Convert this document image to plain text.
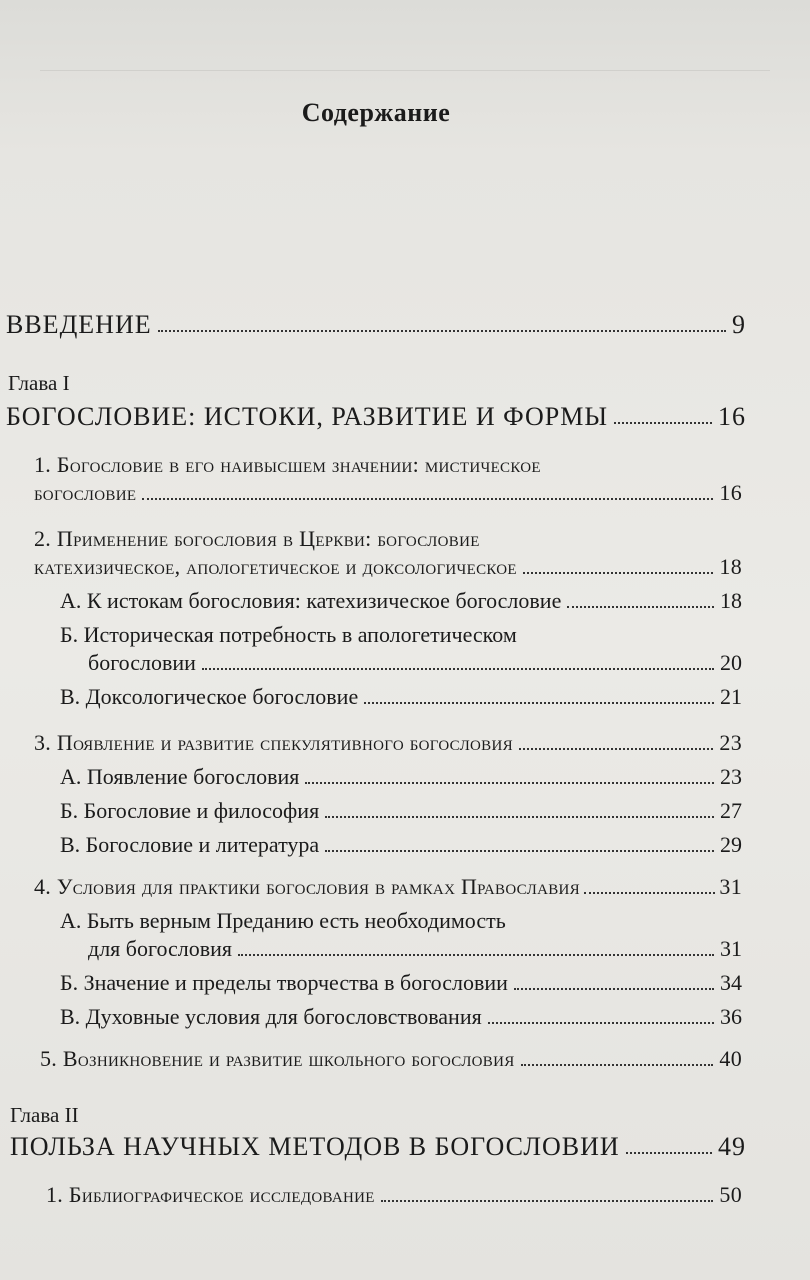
Содержание
ВВЕДЕНИЕ	9
Глава I
БОГОСЛОВИЕ: ИСТОКИ, РАЗВИТИЕ И ФОРМЫ	16
1. Богословие в его наивысшем значении: мистическое
богословие	16
2. Применение богословия в Церкви: богословие
катехизическое, апологетическое и доксологическое	18
А. К истокам богословия: катехизическое богословие	18
Б. Историческая потребность в апологетическом
богословии	20
В. Доксологическое богословие	21
3. Появление и развитие спекулятивного богословия	23
А. Появление богословия	23
Б. Богословие и философия	27
В. Богословие и литература	29
4. Условия для практики богословия в рамках Православия	31
А. Быть верным Преданию есть необходимость
для богословия	31
Б. Значение и пределы творчества в богословии	34
В. Духовные условия для богословствования	36
5. Возникновение и развитие школьного богословия	40
Глава II
ПОЛЬЗА НАУЧНЫХ МЕТОДОВ В БОГОСЛОВИИ	49
1. Библиографическое исследование	50
